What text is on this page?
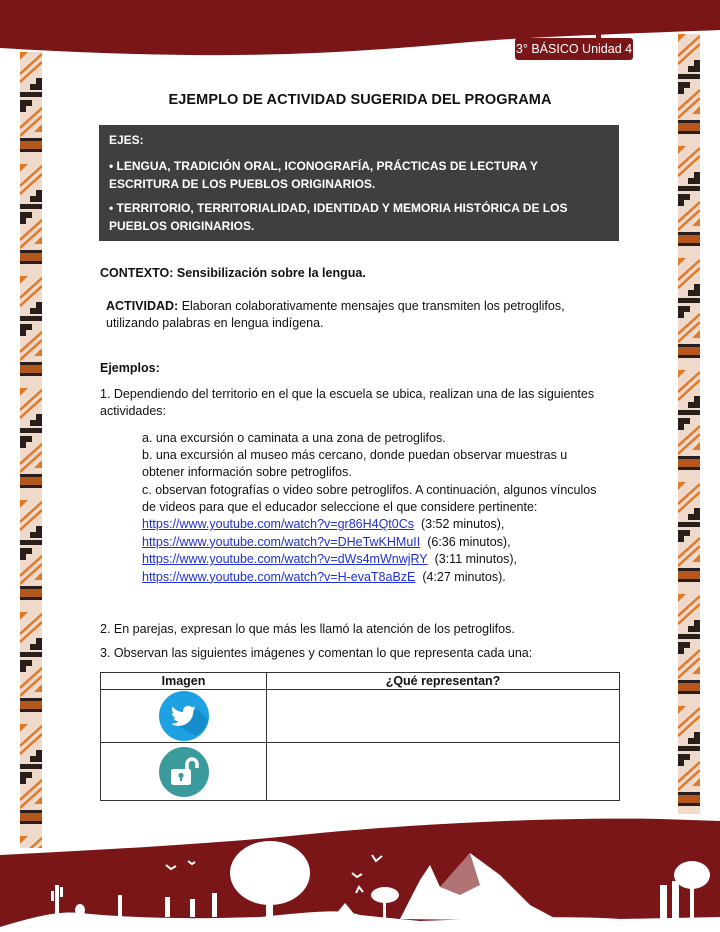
3° BÁSICO Unidad 4
EJEMPLO DE ACTIVIDAD SUGERIDA DEL PROGRAMA
EJES:
• LENGUA, TRADICIÓN ORAL, ICONOGRAFÍA, PRÁCTICAS DE LECTURA Y ESCRITURA DE LOS PUEBLOS ORIGINARIOS.
• TERRITORIO, TERRITORIALIDAD, IDENTIDAD Y MEMORIA HISTÓRICA DE LOS PUEBLOS ORIGINARIOS.
CONTEXTO: Sensibilización sobre la lengua.
ACTIVIDAD: Elaboran colaborativamente mensajes que transmiten los petroglifos, utilizando palabras en lengua indígena.
Ejemplos:
1. Dependiendo del territorio en el que la escuela se ubica, realizan una de las siguientes actividades:
a. una excursión o caminata a una zona de petroglifos.
b. una excursión al museo más cercano, donde puedan observar muestras u obtener información sobre petroglifos.
c. observan fotografías o video sobre petroglifos. A continuación, algunos vínculos de videos para que el educador seleccione el que considere pertinente:
https://www.youtube.com/watch?v=gr86H4Qt0Cs (3:52 minutos),
https://www.youtube.com/watch?v=DHeTwKHMuII (6:36 minutos),
https://www.youtube.com/watch?v=dWs4mWnwjRY (3:11 minutos),
https://www.youtube.com/watch?v=H-evaT8aBzE (4:27 minutos).
2. En parejas, expresan lo que más les llamó la atención de los petroglifos.
3. Observan las siguientes imágenes y comentan lo que representa cada una:
Imagen	¿Qué representan?
